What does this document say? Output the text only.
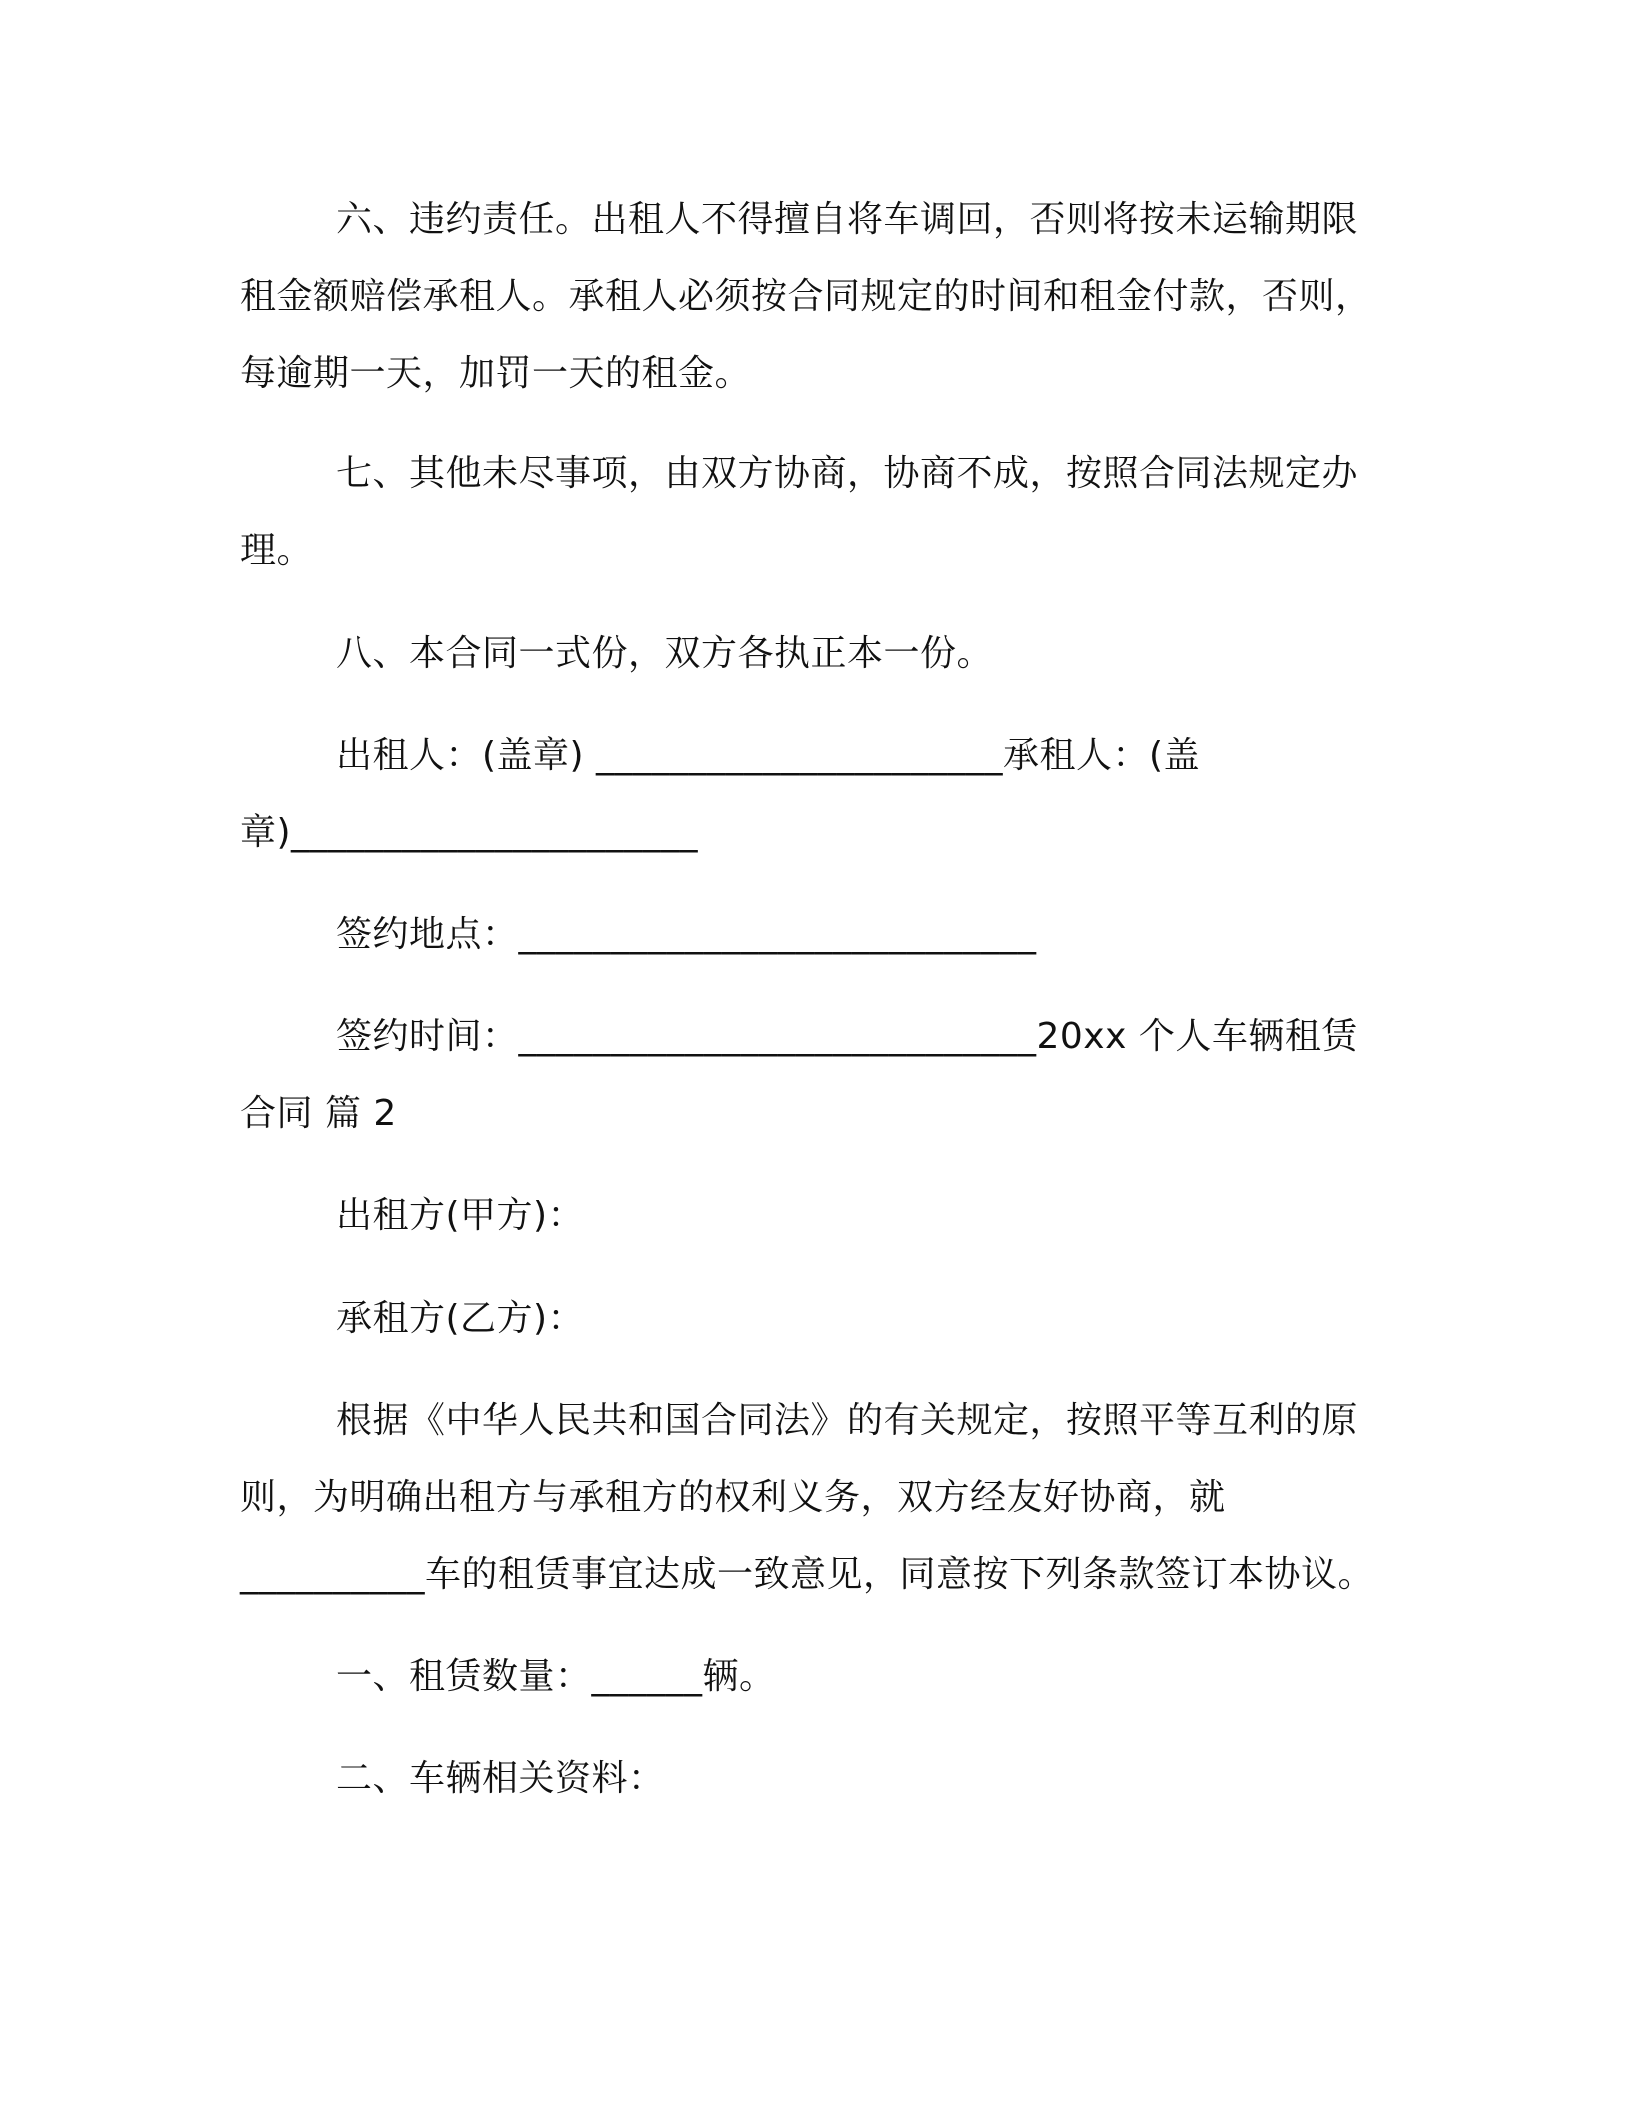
六、违约责任。出租人不得擅自将车调回，否则将按未运输期限
租金额赔偿承租人。承租人必须按合同规定的时间和租金付款，否则，
每逾期一天，加罚一天的租金。
七、其他未尽事项，由双方协商，协商不成，按照合同法规定办
理。
八、本合同一式份，双方各执正本一份。
出租人：(盖章) ______________________承租人：(盖
章)______________________
签约地点：____________________________
签约时间：____________________________20xx 个人车辆租赁
合同 篇 2
出租方(甲方)：
承租方(乙方)：
根据《中华人民共和国合同法》的有关规定，按照平等互利的原
则，为明确出租方与承租方的权利义务，双方经友好协商，就
__________车的租赁事宜达成一致意见，同意按下列条款签订本协议。
一、租赁数量：______辆。
二、车辆相关资料：
